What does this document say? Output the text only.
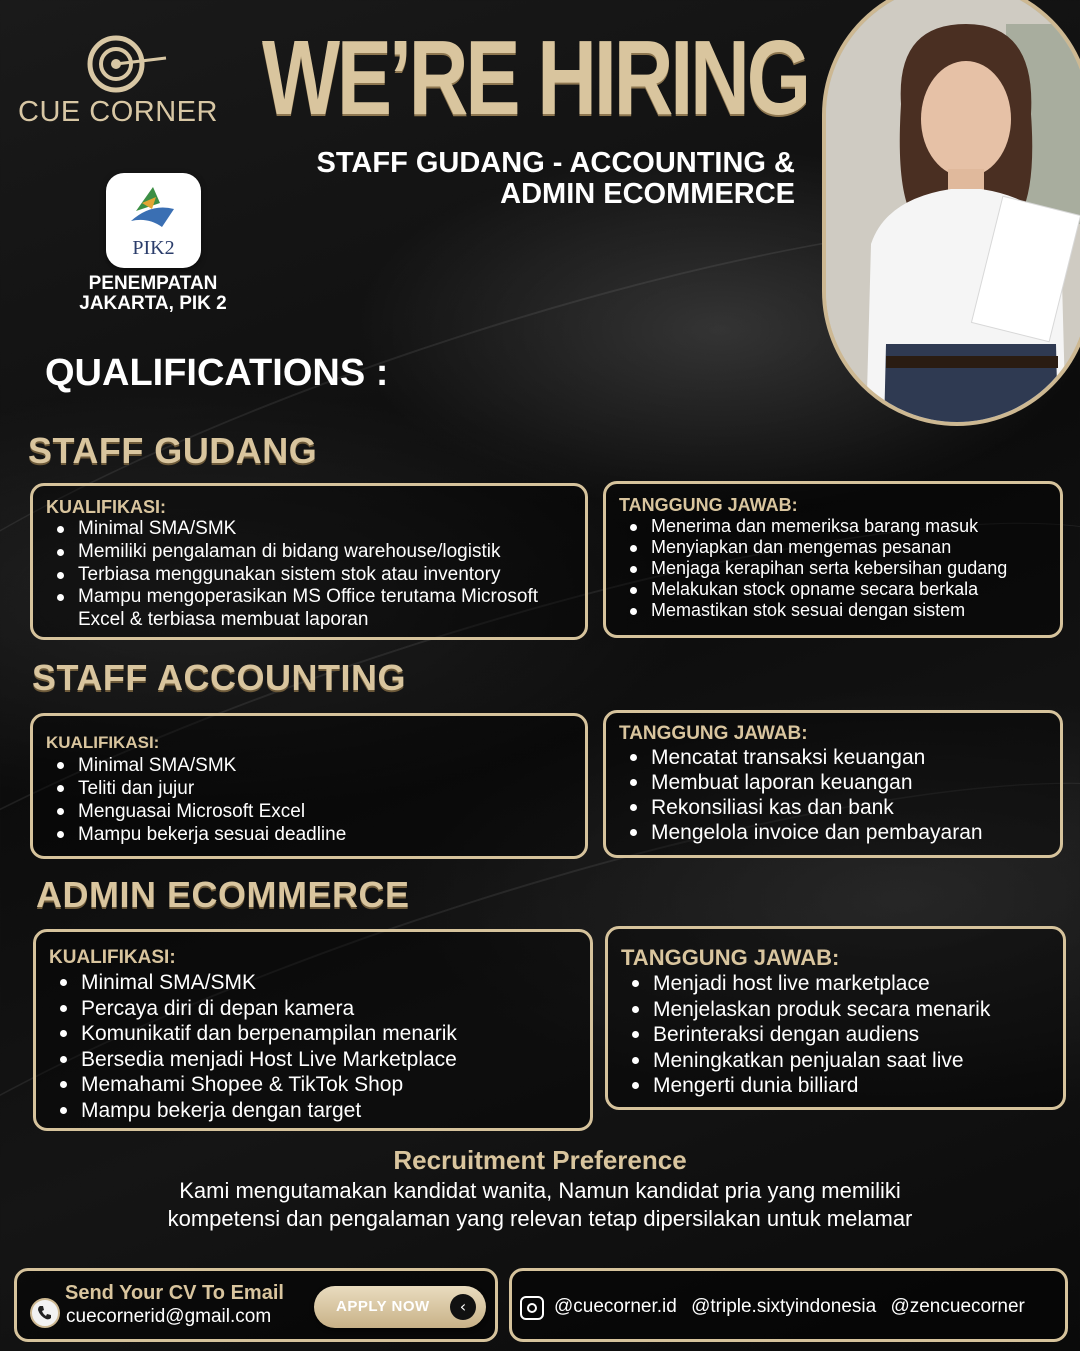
CUE CORNER WE’RE HIRING
STAFF GUDANG - ACCOUNTING &
ADMIN ECOMMERCE
PIK2
PENEMPATAN
JAKARTA, PIK 2
QUALIFICATIONS :
STAFF GUDANG
KUALIFIKASI:
Minimal SMA/SMK
Memiliki pengalaman di bidang warehouse/logistik
Terbiasa menggunakan sistem stok atau inventory
Mampu mengoperasikan MS Office terutama Microsoft Excel & terbiasa membuat laporan
TANGGUNG JAWAB:
Menerima dan memeriksa barang masuk
Menyiapkan dan mengemas pesanan
Menjaga kerapihan serta kebersihan gudang
Melakukan stock opname secara berkala
Memastikan stok sesuai dengan sistem
STAFF ACCOUNTING
KUALIFIKASI:
Minimal SMA/SMK
Teliti dan jujur
Menguasai Microsoft Excel
Mampu bekerja sesuai deadline
TANGGUNG JAWAB:
Mencatat transaksi keuangan
Membuat laporan keuangan
Rekonsiliasi kas dan bank
Mengelola invoice dan pembayaran
ADMIN ECOMMERCE
KUALIFIKASI:
Minimal SMA/SMK
Percaya diri di depan kamera
Komunikatif dan berpenampilan menarik
Bersedia menjadi Host Live Marketplace
Memahami Shopee & TikTok Shop
Mampu bekerja dengan target
TANGGUNG JAWAB:
Menjadi host live marketplace
Menjelaskan produk secara menarik
Berinteraksi dengan audiens
Meningkatkan penjualan saat live
Mengerti dunia billiard
Recruitment Preference
Kami mengutamakan kandidat wanita, Namun kandidat pria yang memiliki
kompetensi dan pengalaman yang relevan tetap dipersilakan untuk melamar
Send Your CV To Email
cuecornerid@gmail.com	APPLY NOW	‹	@cuecorner.id @triple.sixtyindonesia @zencuecorner
